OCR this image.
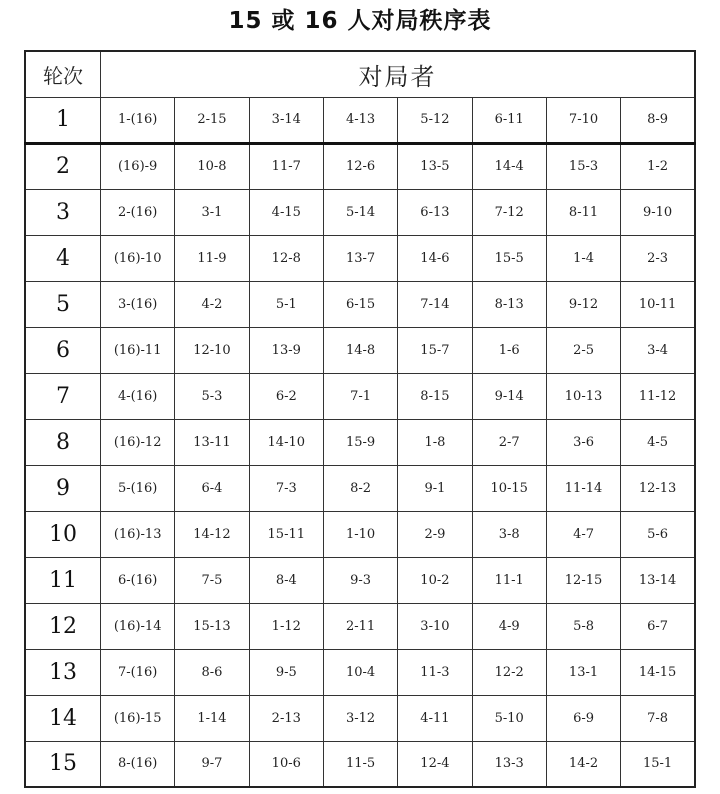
15 或 16 人对局秩序表
轮次	对局者							
1	1-(16)	2-15	3-14	4-13	5-12	6-11	7-10	8-9
2	(16)-9	10-8	11-7	12-6	13-5	14-4	15-3	1-2
3	2-(16)	3-1	4-15	5-14	6-13	7-12	8-11	9-10
4	(16)-10	11-9	12-8	13-7	14-6	15-5	1-4	2-3
5	3-(16)	4-2	5-1	6-15	7-14	8-13	9-12	10-11
6	(16)-11	12-10	13-9	14-8	15-7	1-6	2-5	3-4
7	4-(16)	5-3	6-2	7-1	8-15	9-14	10-13	11-12
8	(16)-12	13-11	14-10	15-9	1-8	2-7	3-6	4-5
9	5-(16)	6-4	7-3	8-2	9-1	10-15	11-14	12-13
10	(16)-13	14-12	15-11	1-10	2-9	3-8	4-7	5-6
11	6-(16)	7-5	8-4	9-3	10-2	11-1	12-15	13-14
12	(16)-14	15-13	1-12	2-11	3-10	4-9	5-8	6-7
13	7-(16)	8-6	9-5	10-4	11-3	12-2	13-1	14-15
14	(16)-15	1-14	2-13	3-12	4-11	5-10	6-9	7-8
15	8-(16)	9-7	10-6	11-5	12-4	13-3	14-2	15-1
